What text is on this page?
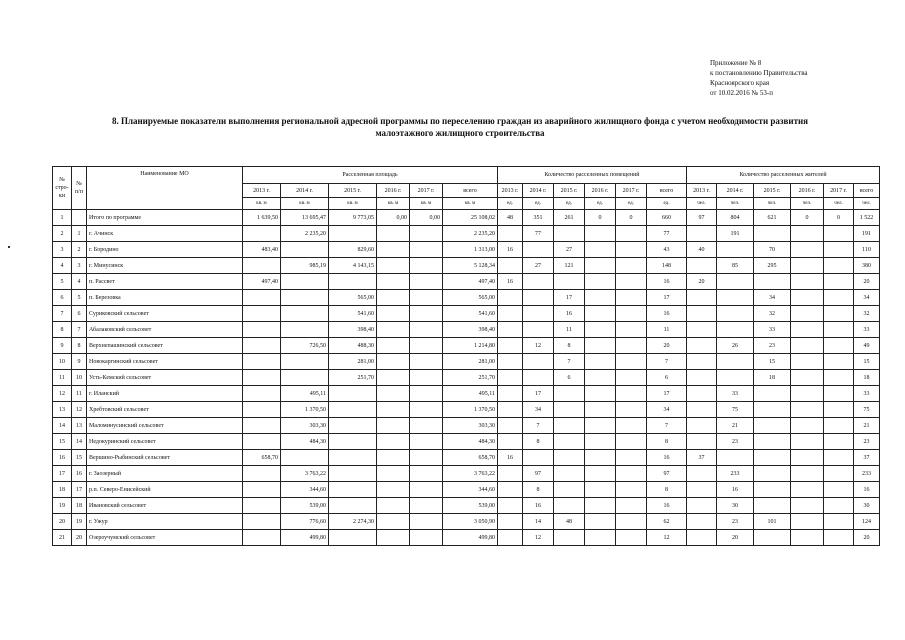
Приложение № 8
к постановлению Правительства
Красноярского края
от 10.02.2016 № 53-п
8. Планируемые показатели выполнения региональной адресной программы по переселению граждан из аварийного жилищного фонда с учетом необходимости развития
малоэтажного жилищного строительства
№ стро-ки	№ п/п	Наименование МО	Расселенная площадь						Количество расселенных помещений						Количество расселенных жителей					
			2013 г.	2014 г.	2015 г.	2016 г.	2017 г.	всего	2013 г.	2014 г.	2015 г.	2016 г.	2017 г.	всего	2013 г.	2014 г.	2015 г.	2016 г.	2017 г.	всего
			кв. м	кв. м	кв. м	кв. м	кв. м	кв. м	ед.	ед.	ед.	ед.	ед.	ед.	чел.	чел.	чел.	чел.	чел.	чел.
1		Итого по программе	1 639,50	13 695,47	9 773,05	0,00	0,00	25 108,02	48	351	261	0	0	660	97	804	621	0	0	1 522
2	1	г. Ачинск		2 235,20				2 235,20		77				77		191				191
3	2	г. Бородино	483,40		829,60			1 313,00	16		27			43	40		70			110
4	3	г. Минусинск		985,19	4 143,15			5 128,34		27	121			148		85	295			380
5	4	п. Рассвет	497,40					497,40	16					16	20					20
6	5	п. Березовка			565,00			565,00			17			17			34			34
7	6	Суриковский сельсовет			541,60			541,60			16			16			32			32
8	7	Абалаковский сельсовет			398,40			398,40			11			11			33			33
9	8	Верхнепашинский сельсовет		726,50	488,30			1 214,80		12	8			20		26	23			49
10	9	Новокаргинский сельсовет			281,00			281,00			7			7			15			15
11	10	Усть-Кемский сельсовет			251,70			251,70			6			6			18			18
12	11	г. Иланский		495,11				495,11		17				17		33				33
13	12	Хребтовский сельсовет		1 370,50				1 370,50		34				34		75				75
14	13	Маломинусинский сельсовет		303,30				303,30		7				7		21				21
15	14	Недокуринский сельсовет		484,30				484,30		8				8		23				23
16	15	Вершино-Рыбинский сельсовет	658,70					658,70	16					16	37					37
17	16	г. Заозерный		3 763,22				3 763,22		97				97		233				233
18	17	р.п. Северо-Енисейский		344,60				344,60		8				8		16				16
19	18	Ивановский сельсовет		539,00				539,00		16				16		30				30
20	19	г. Ужур		776,60	2 274,30			3 050,90		14	48			62		23	101			124
21	20	Озероучумский сельсовет		499,80				499,80		12				12		20				20
